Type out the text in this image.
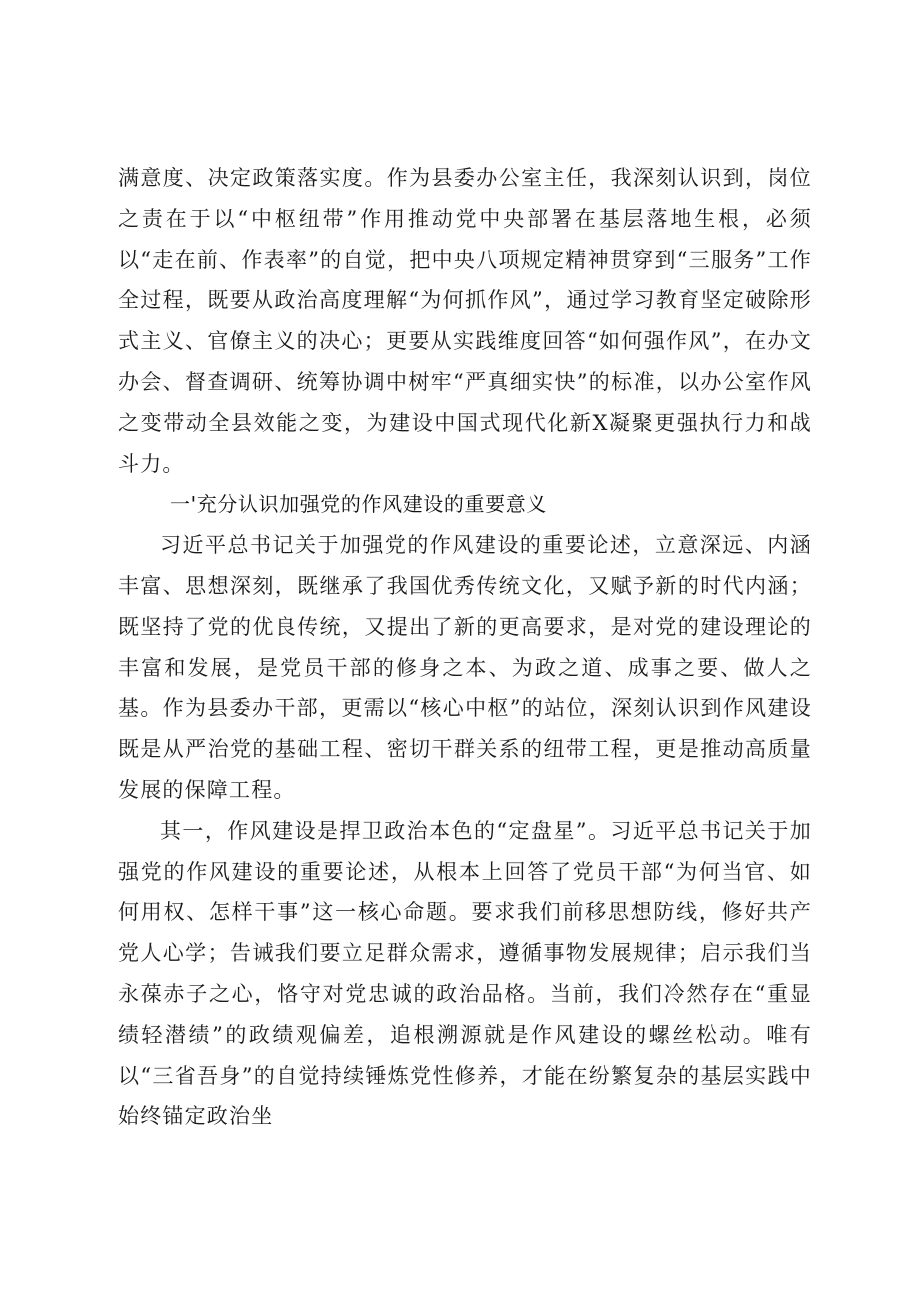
满意度、决定政策落实度。作为县委办公室主任，我深刻认识到，岗位之责在于以“中枢纽带”作用推动党中央部署在基层落地生根，必须以“走在前、作表率”的自觉，把中央八项规定精神贯穿到“三服务”工作全过程，既要从政治高度理解“为何抓作风”，通过学习教育坚定破除形式主义、官僚主义的决心；更要从实践维度回答“如何强作风”，在办文办会、督查调研、统筹协调中树牢“严真细实快”的标准，以办公室作风之变带动全县效能之变，为建设中国式现代化新X凝聚更强执行力和战斗力。

一'充分认识加强党的作风建设的重要意义

习近平总书记关于加强党的作风建设的重要论述，立意深远、内涵丰富、思想深刻，既继承了我国优秀传统文化，又赋予新的时代内涵；既坚持了党的优良传统，又提出了新的更高要求，是对党的建设理论的丰富和发展，是党员干部的修身之本、为政之道、成事之要、做人之基。作为县委办干部，更需以“核心中枢”的站位，深刻认识到作风建设既是从严治党的基础工程、密切干群关系的纽带工程，更是推动高质量发展的保障工程。

其一，作风建设是捍卫政治本色的“定盘星”。习近平总书记关于加强党的作风建设的重要论述，从根本上回答了党员干部“为何当官、如何用权、怎样干事”这一核心命题。要求我们前移思想防线，修好共产党人心学；告诫我们要立足群众需求，遵循事物发展规律；启示我们当永葆赤子之心，恪守对党忠诚的政治品格。当前，我们冷然存在“重显绩轻潜绩”的政绩观偏差，追根溯源就是作风建设的螺丝松动。唯有以“三省吾身”的自觉持续锤炼党性修养，才能在纷繁复杂的基层实践中始终锚定政治坐
